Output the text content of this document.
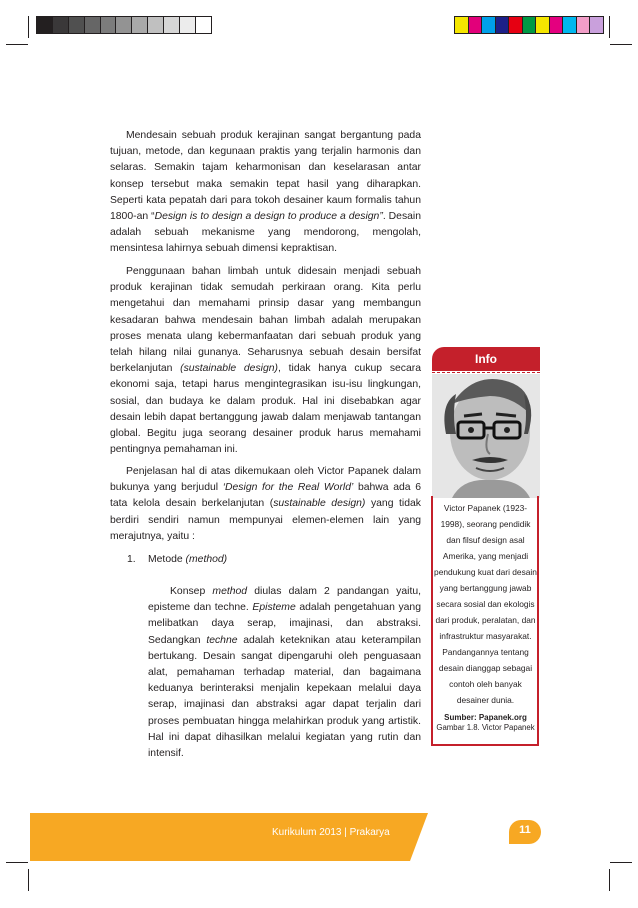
Mendesain sebuah produk kerajinan sangat bergantung pada tujuan, metode, dan kegunaan praktis yang terjalin harmonis dan selaras. Semakin tajam keharmonisan dan keselarasan antar konsep tersebut maka semakin tepat hasil yang diharapkan. Seperti kata pepatah dari para tokoh desainer kaum formalis tahun 1800-an “Design is to design a design to produce a design”. Desain adalah sebuah mekanisme yang mendorong, mengolah, mensintesa lahirnya sebuah dimensi kepraktisan.

Penggunaan bahan limbah untuk didesain menjadi sebuah produk kerajinan tidak semudah perkiraan orang. Kita perlu mengetahui dan memahami prinsip dasar yang membangun kesadaran bahwa mendesain bahan limbah adalah merupakan proses menata ulang kebermanfaatan dari sebuah produk yang telah hilang nilai gunanya. Seharusnya sebuah desain bersifat berkelanjutan (sustainable design), tidak hanya cukup secara ekonomi saja, tetapi harus mengintegrasikan isu-isu lingkungan, sosial, dan budaya ke dalam produk. Hal ini disebabkan agar desain lebih dapat bertanggung jawab dalam menjawab tantangan global. Begitu juga seorang desainer produk harus memahami pentingnya pemahaman ini.

Penjelasan hal di atas dikemukaan oleh Victor Papanek dalam bukunya yang berjudul ‘Design for the Real World’ bahwa ada 6 tata kelola desain berkelanjutan (sustainable design) yang tidak berdiri sendiri namun mempunyai elemen-elemen lain yang merajutnya, yaitu :

1. Metode (method)

Konsep method diulas dalam 2 pandangan yaitu, episteme dan techne. Episteme adalah pengetahuan yang melibatkan daya serap, imajinasi, dan abstraksi. Sedangkan techne adalah keteknikan atau keterampilan bertukang. Desain sangat dipengaruhi oleh penguasaan alat, pemahaman terhadap material, dan bagaimana keduanya berinteraksi menjalin kepekaan melalui daya serap, imajinasi dan abstraksi agar dapat terjalin dari proses pembuatan hingga melahirkan produk yang artistik. Hal ini dapat dihasilkan melalui kegiatan yang rutin dan intensif.

Info

Victor Papanek (1923-1998), seorang pendidik dan filsuf design asal Amerika, yang menjadi pendukung kuat dari desain yang bertanggung jawab secara sosial dan ekologis dari produk, peralatan, dan infrastruktur masyarakat. Pandangannya tentang desain dianggap sebagai contoh oleh banyak desainer dunia.

Sumber: Papanek.org
Gambar 1.8. Victor Papanek
Kurikulum 2013 | Prakarya	11
